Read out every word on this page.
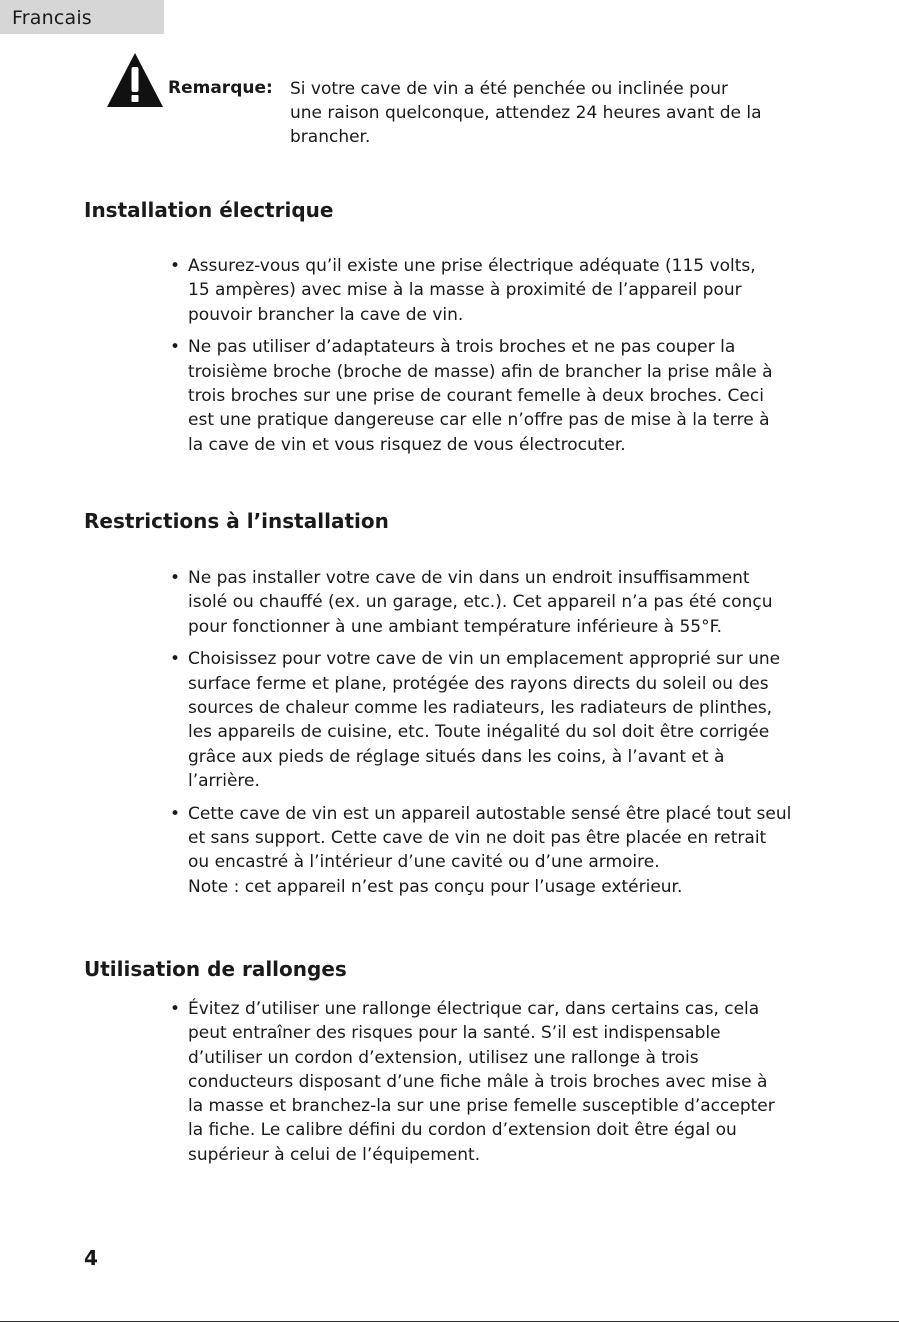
Francais
Remarque: Si votre cave de vin a été penchée ou inclinée pour
une raison quelconque, attendez 24 heures avant de la
brancher.
Installation électrique
• Assurez-vous qu’il existe une prise électrique adéquate (115 volts,
15 ampères) avec mise à la masse à proximité de l’appareil pour
pouvoir brancher la cave de vin.
• Ne pas utiliser d’adaptateurs à trois broches et ne pas couper la
troisième broche (broche de masse) afin de brancher la prise mâle à
trois broches sur une prise de courant femelle à deux broches. Ceci
est une pratique dangereuse car elle n’offre pas de mise à la terre à
la cave de vin et vous risquez de vous électrocuter.
Restrictions à l’installation
• Ne pas installer votre cave de vin dans un endroit insuffisamment
isolé ou chauffé (ex. un garage, etc.). Cet appareil n’a pas été conçu
pour fonctionner à une ambiant température inférieure à 55°F.
• Choisissez pour votre cave de vin un emplacement approprié sur une
surface ferme et plane, protégée des rayons directs du soleil ou des
sources de chaleur comme les radiateurs, les radiateurs de plinthes,
les appareils de cuisine, etc. Toute inégalité du sol doit être corrigée
grâce aux pieds de réglage situés dans les coins, à l’avant et à
l’arrière.
• Cette cave de vin est un appareil autostable sensé être placé tout seul
et sans support. Cette cave de vin ne doit pas être placée en retrait
ou encastré à l’intérieur d’une cavité ou d’une armoire.
Note : cet appareil n’est pas conçu pour l’usage extérieur.
Utilisation de rallonges
• Évitez d’utiliser une rallonge électrique car, dans certains cas, cela
peut entraîner des risques pour la santé. S’il est indispensable
d’utiliser un cordon d’extension, utilisez une rallonge à trois
conducteurs disposant d’une fiche mâle à trois broches avec mise à
la masse et branchez-la sur une prise femelle susceptible d’accepter
la fiche. Le calibre défini du cordon d’extension doit être égal ou
supérieur à celui de l’équipement.
4
